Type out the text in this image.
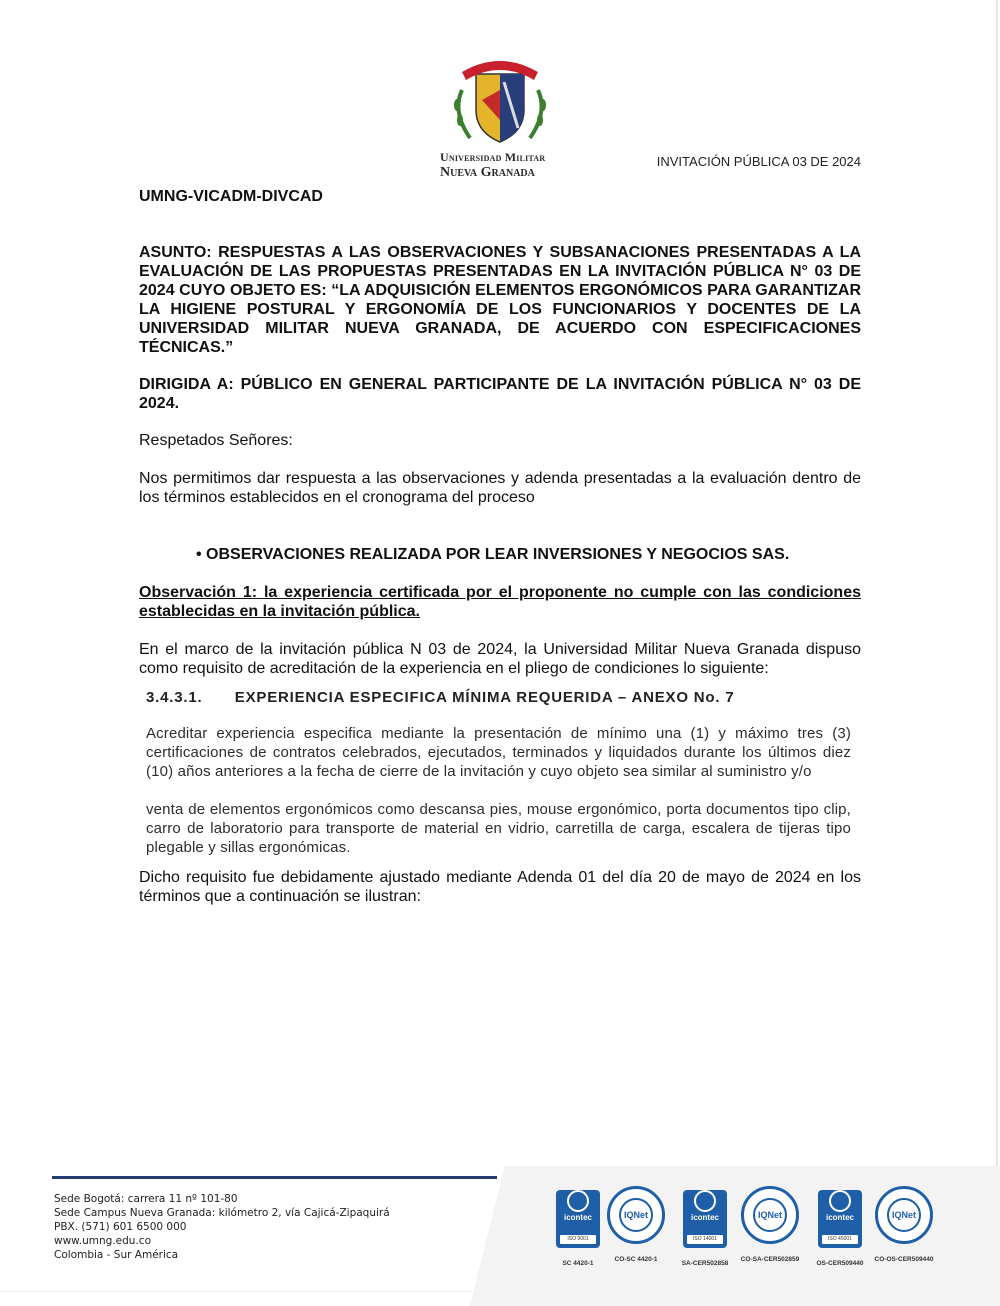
Universidad Militar
Nueva Granada
INVITACIÓN PÚBLICA 03 DE 2024
UMNG-VICADM-DIVCAD
ASUNTO: RESPUESTAS A LAS OBSERVACIONES Y SUBSANACIONES PRESENTADAS A LA EVALUACIÓN DE LAS PROPUESTAS PRESENTADAS EN LA INVITACIÓN PÚBLICA N° 03 DE 2024 CUYO OBJETO ES: “LA ADQUISICIÓN ELEMENTOS ERGONÓMICOS PARA GARANTIZAR LA HIGIENE POSTURAL Y ERGONOMÍA DE LOS FUNCIONARIOS Y DOCENTES DE LA UNIVERSIDAD MILITAR NUEVA GRANADA, DE ACUERDO CON ESPECIFICACIONES TÉCNICAS.”
DIRIGIDA A: PÚBLICO EN GENERAL PARTICIPANTE DE LA INVITACIÓN PÚBLICA N° 03 DE 2024.
Respetados Señores:
Nos permitimos dar respuesta a las observaciones y adenda presentadas a la evaluación dentro de los términos establecidos en el cronograma del proceso
• OBSERVACIONES REALIZADA POR LEAR INVERSIONES Y NEGOCIOS SAS.
Observación 1: la experiencia certificada por el proponente no cumple con las condiciones establecidas en la invitación pública.
En el marco de la invitación pública N 03 de 2024, la Universidad Militar Nueva Granada dispuso como requisito de acreditación de la experiencia en el pliego de condiciones lo siguiente:
3.4.3.1. EXPERIENCIA ESPECIFICA MÍNIMA REQUERIDA – ANEXO No. 7
Acreditar experiencia especifica mediante la presentación de mínimo una (1) y máximo tres (3) certificaciones de contratos celebrados, ejecutados, terminados y liquidados durante los últimos diez (10) años anteriores a la fecha de cierre de la invitación y cuyo objeto sea similar al suministro y/o
venta de elementos ergonómicos como descansa pies, mouse ergonómico, porta documentos tipo clip, carro de laboratorio para transporte de material en vidrio, carretilla de carga, escalera de tijeras tipo plegable y sillas ergonómicas.
Dicho requisito fue debidamente ajustado mediante Adenda 01 del día 20 de mayo de 2024 en los términos que a continuación se ilustran:
Sede Bogotá: carrera 11 nº 101-80
Sede Campus Nueva Granada: kilómetro 2, vía Cajicá-Zipaquirá
PBX. (571) 601 6500 000
www.umng.edu.co
Colombia - Sur América
icontec
ISO 9001
SC 4420-1
IQNet
CO-SC 4420-1
icontec
ISO 14001
SA-CER502858
IQNet
CO-SA-CER502859
icontec
ISO 45001
OS-CER509440
IQNet
CO-OS-CER509440
